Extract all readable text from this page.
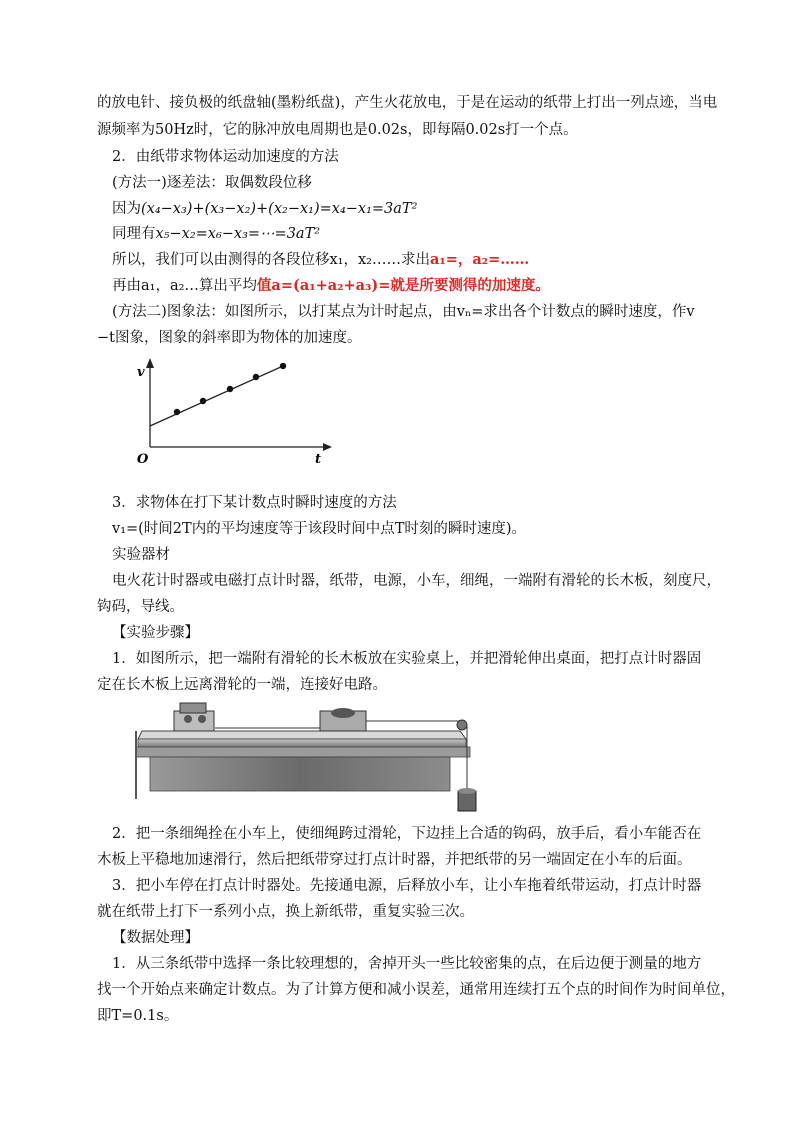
的放电针、接负极的纸盘轴(墨粉纸盘)，产生火花放电，于是在运动的纸带上打出一列点迹，当电
源频率为50Hz时，它的脉冲放电周期也是0.02s，即每隔0.02s打一个点。
2．由纸带求物体运动加速度的方法
(方法一)逐差法：取偶数段位移
因为(x₄−x₃)+(x₃−x₂)+(x₂−x₁)=x₄−x₁=3aT²
同理有x₅−x₂=x₆−x₃=⋯=3aT²
所以，我们可以由测得的各段位移x₁，x₂……求出a₁=，a₂=……
再由a₁，a₂…算出平均值a=(a₁+a₂+a₃)=就是所要测得的加速度。
(方法二)图象法：如图所示，以打某点为计时起点，由vₙ=求出各个计数点的瞬时速度，作v
−t图象，图象的斜率即为物体的加速度。
v
t
O
3．求物体在打下某计数点时瞬时速度的方法
v₁=(时间2T内的平均速度等于该段时间中点T时刻的瞬时速度)。
实验器材
电火花计时器或电磁打点计时器，纸带，电源，小车，细绳，一端附有滑轮的长木板，刻度尺，
钩码，导线。
【实验步骤】
1．如图所示，把一端附有滑轮的长木板放在实验桌上，并把滑轮伸出桌面，把打点计时器固
定在长木板上远离滑轮的一端，连接好电路。
2．把一条细绳拴在小车上，使细绳跨过滑轮，下边挂上合适的钩码，放手后，看小车能否在
木板上平稳地加速滑行，然后把纸带穿过打点计时器，并把纸带的另一端固定在小车的后面。
3．把小车停在打点计时器处。先接通电源，后释放小车，让小车拖着纸带运动，打点计时器
就在纸带上打下一系列小点，换上新纸带，重复实验三次。
【数据处理】
1．从三条纸带中选择一条比较理想的，舍掉开头一些比较密集的点，在后边便于测量的地方
找一个开始点来确定计数点。为了计算方便和减小误差，通常用连续打五个点的时间作为时间单位，
即T=0.1s。
